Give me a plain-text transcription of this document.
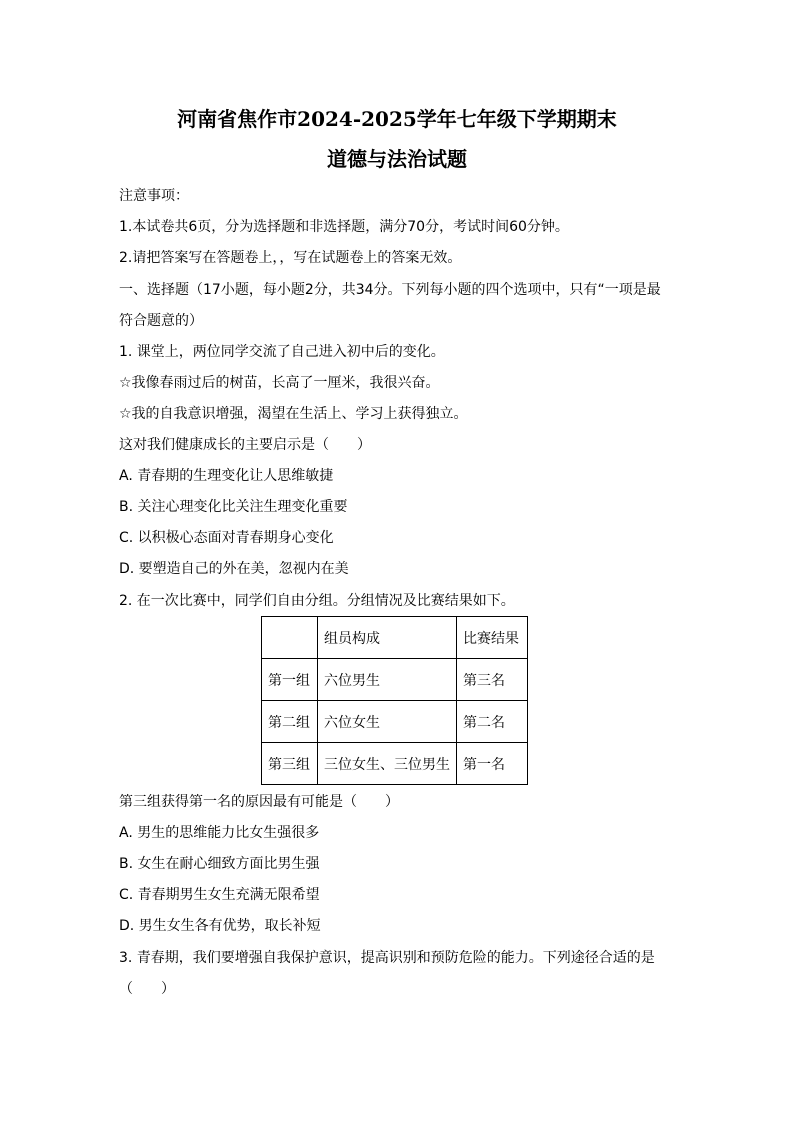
河南省焦作市2024-2025学年七年级下学期期末
道德与法治试题
注意事项：
1.本试卷共6页，分为选择题和非选择题，满分70分，考试时间60分钟。
2.请把答案写在答题卷上，，写在试题卷上的答案无效。
一、选择题（17小题，每小题2分，共34分。下列每小题的四个选项中，只有“一项是最
符合题意的）
1. 课堂上，两位同学交流了自己进入初中后的变化。
☆我像春雨过后的树苗，长高了一厘米，我很兴奋。
☆我的自我意识增强，渴望在生活上、学习上获得独立。
这对我们健康成长的主要启示是（　　）
A. 青春期的生理变化让人思维敏捷
B. 关注心理变化比关注生理变化重要
C. 以积极心态面对青春期身心变化
D. 要塑造自己的外在美，忽视内在美
2. 在一次比赛中，同学们自由分组。分组情况及比赛结果如下。
	组员构成	比赛结果
第一组	六位男生	第三名
第二组	六位女生	第二名
第三组	三位女生、三位男生	第一名
第三组获得第一名的原因最有可能是（　　）
A. 男生的思维能力比女生强很多
B. 女生在耐心细致方面比男生强
C. 青春期男生女生充满无限希望
D. 男生女生各有优势，取长补短
3. 青春期，我们要增强自我保护意识，提高识别和预防危险的能力。下列途径合适的是
（　　）
